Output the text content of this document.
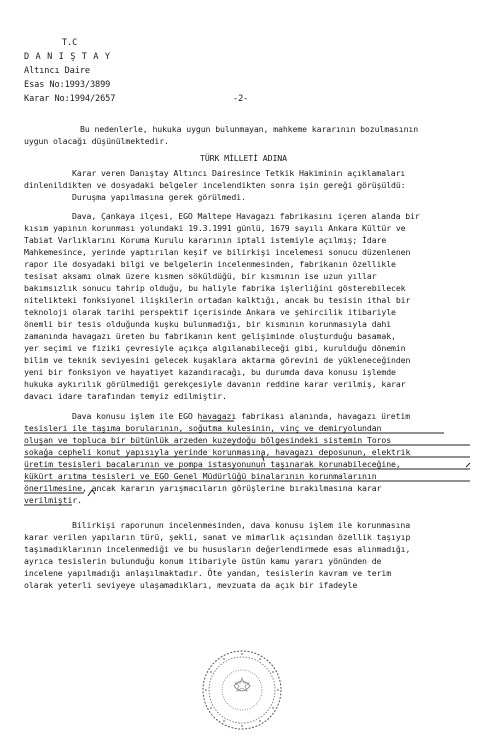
T.C
D A N I Ş T A Y
Altıncı Daire
Esas No:1993/3899
Karar No:1994/2657	-2-
Bu nedenlerle, hukuka uygun bulunmayan, mahkeme kararının bozulmasının
uygun olacağı düşünülmektedir.
TÜRK MİLLETİ ADINA
Karar veren Danıştay Altıncı Dairesince Tetkik Hakiminin açıklamaları
dinlenildikten ve dosyadaki belgeler incelendikten sonra işin gereği görüşüldü:
Duruşma yapılmasına gerek görülmedi.
Dava, Çankaya ilçesi, EGO Maltepe Havagazı fabrikasını içeren alanda bir
kısım yapının korunması yolundaki 19.3.1991 günlü, 1679 sayılı Ankara Kültür ve
Tabiat Varlıklarını Koruma Kurulu kararının iptali istemiyle açılmış; İdare
Mahkemesince, yerinde yaptırılan keşif ve bilirkişi incelemesi sonucu düzenlenen
rapor ile dosyadaki bilgi ve belgelerin incelenmesinden, fabrikanın özellikle
tesisat aksamı olmak üzere kısmen söküldüğü, bir kısmının ise uzun yıllar
bakımsızlık sonucu tahrip olduğu, bu haliyle fabrika işlerliğini gösterebilecek
nitelikteki fonksiyonel ilişkilerin ortadan kalktığı, ancak bu tesisin ithal bir
teknoloji olarak tarihi perspektif içerisinde Ankara ve şehircilik itibariyle
önemli bir tesis olduğunda kuşku bulunmadığı, bir kısmının korunmasıyla dahi
zamanında havagazı üreten bu fabrikanın kent gelişiminde oluşturduğu basamak,
yer seçimi ve fiziki çevresiyle açıkça algılanabileceği gibi, kurulduğu dönemin
bilim ve teknik seviyesini gelecek kuşaklara aktarma görevini de yükleneceğinden
yeni bir fonksiyon ve hayatiyet kazandıracağı, bu durumda dava konusu işlemde
hukuka aykırılık görülmediği gerekçesiyle davanın reddine karar verilmiş, karar
davacı idare tarafından temyiz edilmiştir.
Dava konusu işlem ile EGO havagazı fabrikası alanında, havagazı üretim
tesisleri ile taşıma borularının, soğutma kulesinin, vinç ve demiryolundan
oluşan ve topluca bir bütünlük arzeden kuzeydoğu bölgesindeki sistemin Toros
sokağa cepheli konut yapısıyla yerinde korunmasına, havagazı deposunun, elektrik
üretim tesisleri bacalarının ve pompa istasyonunun taşınarak korunabileceğine,
kükürt arıtma tesisleri ve EGO Genel Müdürlüğü binalarının korunmalarının
önerilmesine, ancak kararın yarışmacıların görüşlerine bırakılmasına karar
verilmiştir.
Bilirkişi raporunun incelenmesinden, dava konusu işlem ile korunmasına
karar verilen yapıların türü, şekli, sanat ve mimarlık açısından özellik taşıyıp
taşımadıklarının incelenmediği ve bu hususların değerlendirmede esas alınmadığı,
ayrıca tesislerin bulunduğu konum itibariyle üstün kamu yararı yönünden de
incelene yapılmadığı anlaşılmaktadır. Öte yandan, tesislerin kavram ve terim
olarak yeterli seviyeye ulaşamadıkları, mevzuata da açık bir ifadeyle
